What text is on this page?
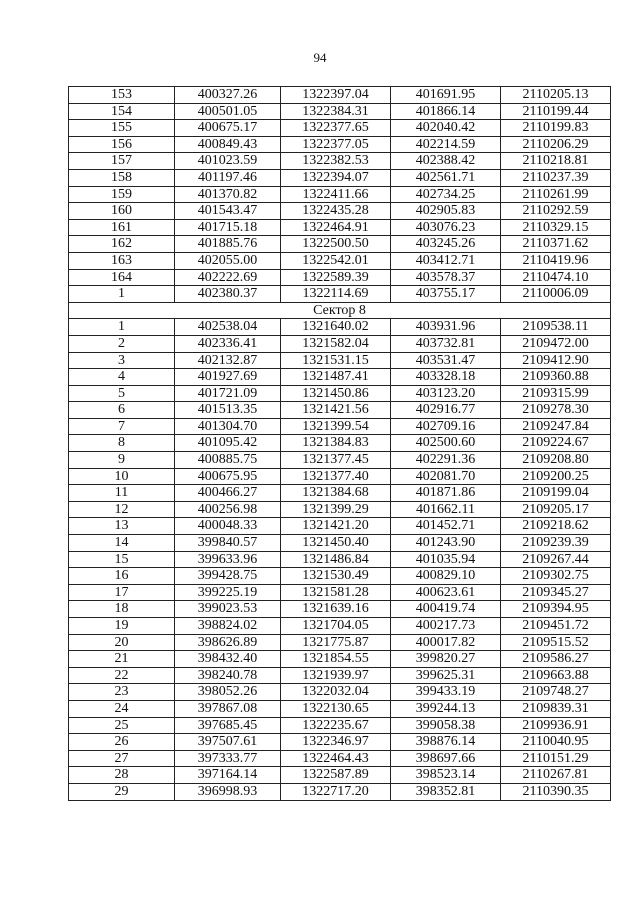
94
153	400327.26	1322397.04	401691.95	2110205.13
154	400501.05	1322384.31	401866.14	2110199.44
155	400675.17	1322377.65	402040.42	2110199.83
156	400849.43	1322377.05	402214.59	2110206.29
157	401023.59	1322382.53	402388.42	2110218.81
158	401197.46	1322394.07	402561.71	2110237.39
159	401370.82	1322411.66	402734.25	2110261.99
160	401543.47	1322435.28	402905.83	2110292.59
161	401715.18	1322464.91	403076.23	2110329.15
162	401885.76	1322500.50	403245.26	2110371.62
163	402055.00	1322542.01	403412.71	2110419.96
164	402222.69	1322589.39	403578.37	2110474.10
1	402380.37	1322114.69	403755.17	2110006.09
Сектор 8				
1	402538.04	1321640.02	403931.96	2109538.11
2	402336.41	1321582.04	403732.81	2109472.00
3	402132.87	1321531.15	403531.47	2109412.90
4	401927.69	1321487.41	403328.18	2109360.88
5	401721.09	1321450.86	403123.20	2109315.99
6	401513.35	1321421.56	402916.77	2109278.30
7	401304.70	1321399.54	402709.16	2109247.84
8	401095.42	1321384.83	402500.60	2109224.67
9	400885.75	1321377.45	402291.36	2109208.80
10	400675.95	1321377.40	402081.70	2109200.25
11	400466.27	1321384.68	401871.86	2109199.04
12	400256.98	1321399.29	401662.11	2109205.17
13	400048.33	1321421.20	401452.71	2109218.62
14	399840.57	1321450.40	401243.90	2109239.39
15	399633.96	1321486.84	401035.94	2109267.44
16	399428.75	1321530.49	400829.10	2109302.75
17	399225.19	1321581.28	400623.61	2109345.27
18	399023.53	1321639.16	400419.74	2109394.95
19	398824.02	1321704.05	400217.73	2109451.72
20	398626.89	1321775.87	400017.82	2109515.52
21	398432.40	1321854.55	399820.27	2109586.27
22	398240.78	1321939.97	399625.31	2109663.88
23	398052.26	1322032.04	399433.19	2109748.27
24	397867.08	1322130.65	399244.13	2109839.31
25	397685.45	1322235.67	399058.38	2109936.91
26	397507.61	1322346.97	398876.14	2110040.95
27	397333.77	1322464.43	398697.66	2110151.29
28	397164.14	1322587.89	398523.14	2110267.81
29	396998.93	1322717.20	398352.81	2110390.35
